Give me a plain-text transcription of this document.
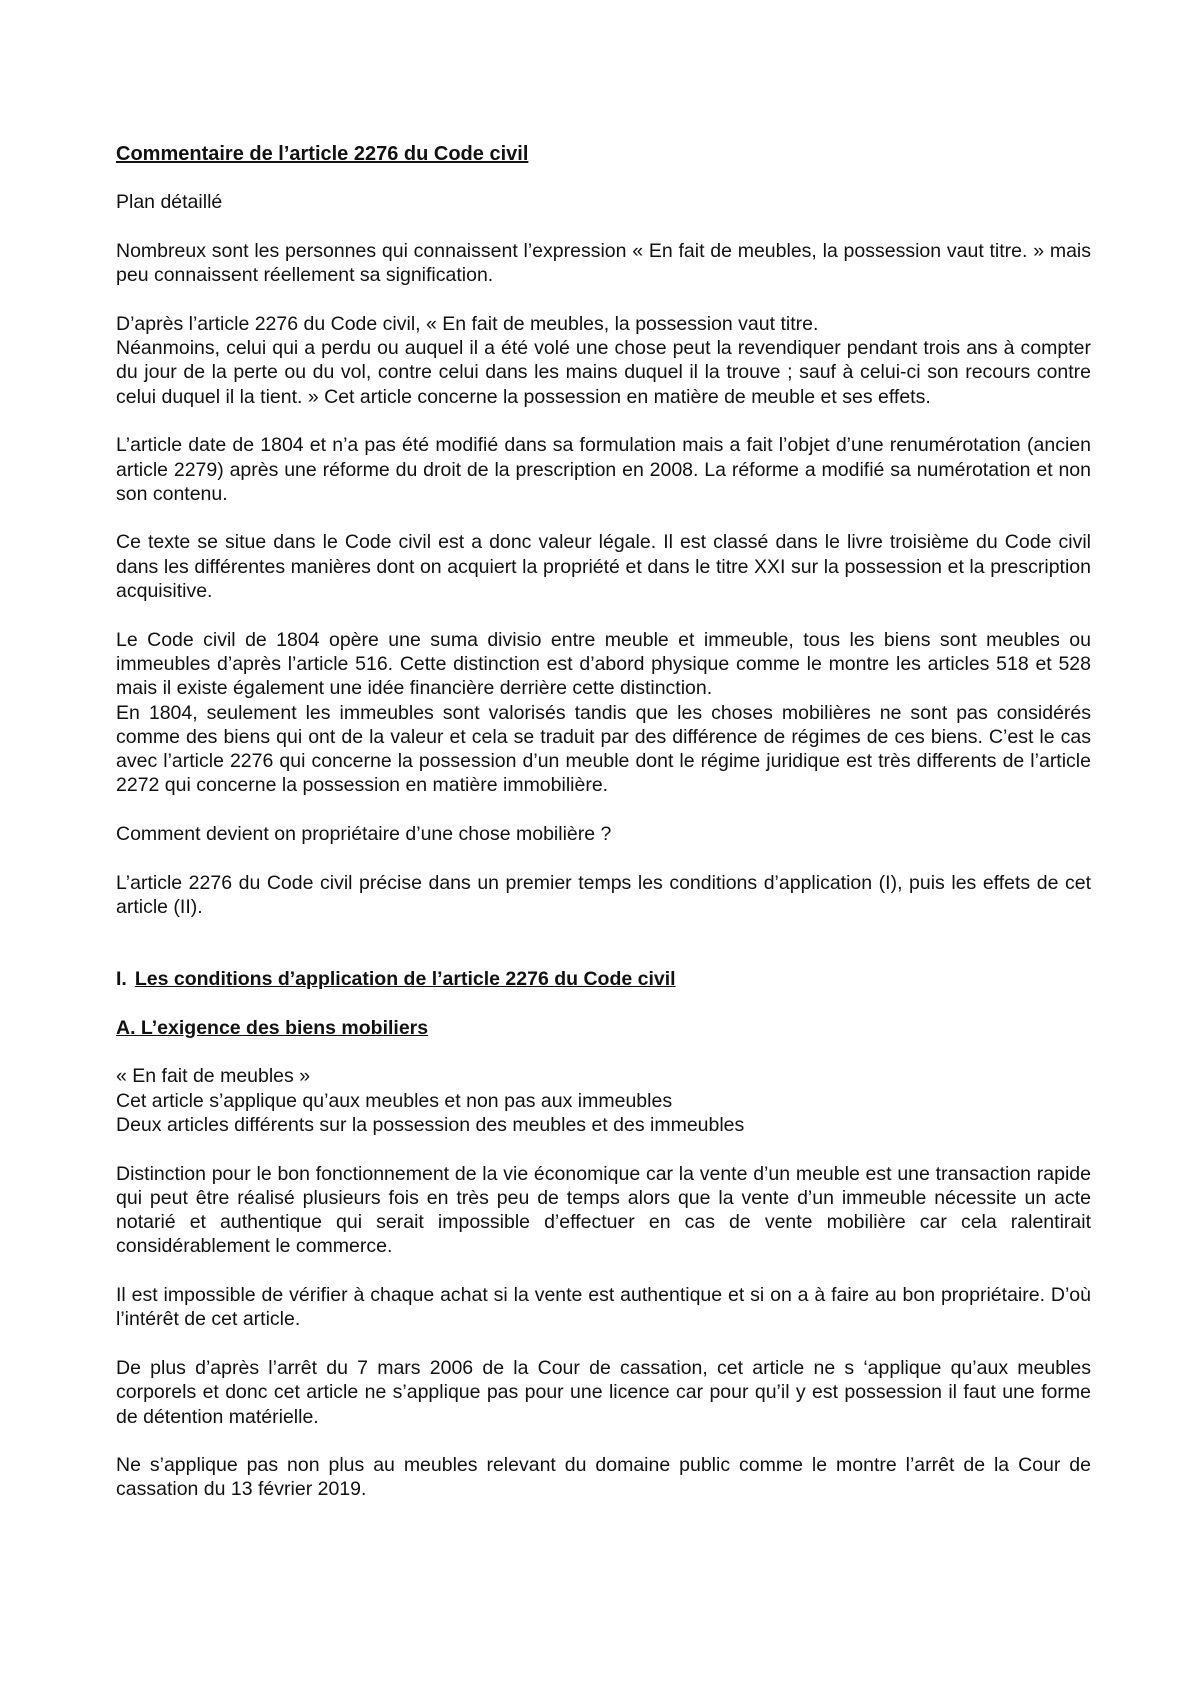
Commentaire de l’article 2276 du Code civil

Plan détaillé

Nombreux sont les personnes qui connaissent l’expression « En fait de meubles, la possession vaut titre. » mais peu connaissent réellement sa signification.

D’après l’article 2276 du Code civil, « En fait de meubles, la possession vaut titre.

Néanmoins, celui qui a perdu ou auquel il a été volé une chose peut la revendiquer pendant trois ans à compter du jour de la perte ou du vol, contre celui dans les mains duquel il la trouve ; sauf à celui-ci son recours contre celui duquel il la tient. » Cet article concerne la possession en matière de meuble et ses effets.

L’article date de 1804 et n’a pas été modifié dans sa formulation mais a fait l’objet d’une renumérotation (ancien article 2279) après une réforme du droit de la prescription en 2008. La réforme a modifié sa numérotation et non son contenu.

Ce texte se situe dans le Code civil est a donc valeur légale. Il est classé dans le livre troisième du Code civil dans les différentes manières dont on acquiert la propriété et dans le titre XXI sur la possession et la prescription acquisitive.

Le Code civil de 1804 opère une suma divisio entre meuble et immeuble, tous les biens sont meubles ou immeubles d’après l’article 516. Cette distinction est d’abord physique comme le montre les articles 518 et 528 mais il existe également une idée financière derrière cette distinction.

En 1804, seulement les immeubles sont valorisés tandis que les choses mobilières ne sont pas considérés comme des biens qui ont de la valeur et cela se traduit par des différence de régimes de ces biens. C’est le cas avec l’article 2276 qui concerne la possession d’un meuble dont le régime juridique est très differents de l’article 2272 qui concerne la possession en matière immobilière.

Comment devient on propriétaire d’une chose mobilière ?

L’article 2276 du Code civil précise dans un premier temps les conditions d’application (I), puis les effets de cet article (II).

I. Les conditions d’application de l’article 2276 du Code civil
A. L’exigence des biens mobiliers

« En fait de meubles »
Cet article s’applique qu’aux meubles et non pas aux immeubles
Deux articles différents sur la possession des meubles et des immeubles

Distinction pour le bon fonctionnement de la vie économique car la vente d’un meuble est une transaction rapide qui peut être réalisé plusieurs fois en très peu de temps alors que la vente d’un immeuble nécessite un acte notarié et authentique qui serait impossible d’effectuer en cas de vente mobilière car cela ralentirait considérablement le commerce.

Il est impossible de vérifier à chaque achat si la vente est authentique et si on a à faire au bon propriétaire. D’où l’intérêt de cet article.

De plus d’après l’arrêt du 7 mars 2006 de la Cour de cassation, cet article ne s ‘applique qu’aux meubles corporels et donc cet article ne s’applique pas pour une licence car pour qu’il y est possession il faut une forme de détention matérielle.

Ne s’applique pas non plus au meubles relevant du domaine public comme le montre l’arrêt de la Cour de cassation du 13 février 2019.
